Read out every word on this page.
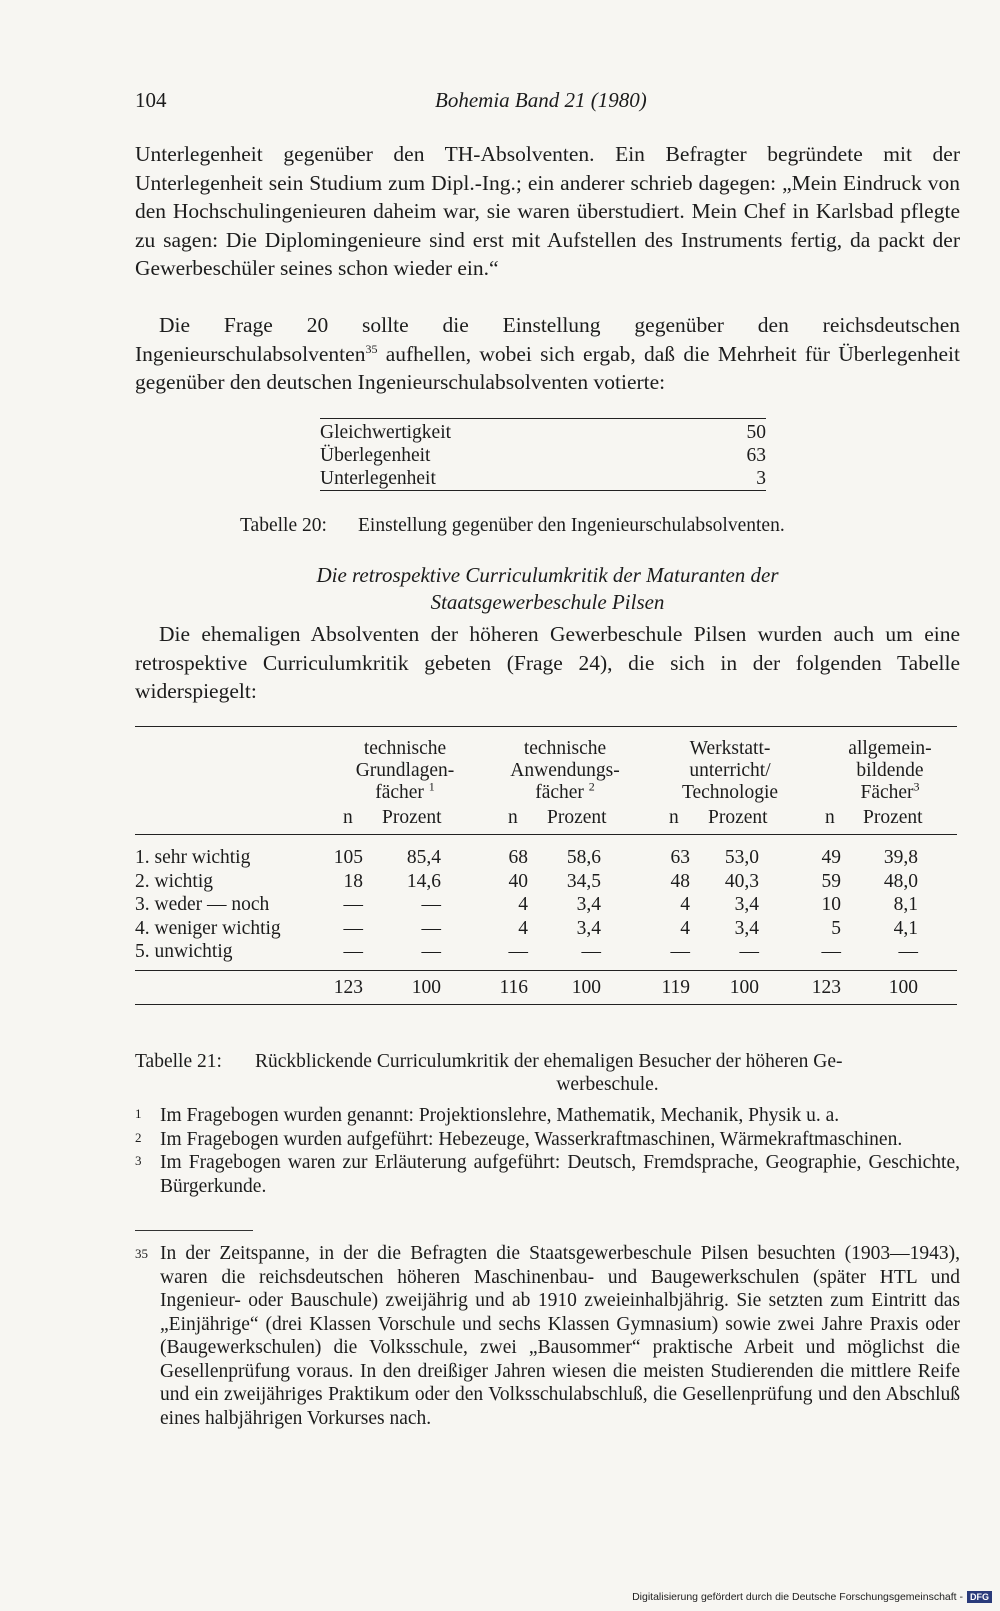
104	Bohemia Band 21 (1980)

Unterlegenheit gegenüber den TH-Absolventen. Ein Befragter begründete mit der Unterlegenheit sein Studium zum Dipl.-Ing.; ein anderer schrieb dagegen: „Mein Eindruck von den Hochschulingenieuren daheim war, sie waren überstudiert. Mein Chef in Karlsbad pflegte zu sagen: Die Diplomingenieure sind erst mit Aufstellen des Instruments fertig, da packt der Gewerbeschüler seines schon wieder ein.“

Die Frage 20 sollte die Einstellung gegenüber den reichsdeutschen Ingenieurschulabsolventen$^{35}$ aufhellen, wobei sich ergab, daß die Mehrheit für Überlegenheit gegenüber den deutschen Ingenieurschulabsolventen votierte:

Gleichwertigkeit	50
Überlegenheit	63
Unterlegenheit	3
Tabelle 20: Einstellung gegenüber den Ingenieurschulabsolventen.
Die retrospektive Curriculumkritik der Maturanten der
Staatsgewerbeschule Pilsen

Die ehemaligen Absolventen der höheren Gewerbeschule Pilsen wurden auch um eine retrospektive Curriculumkritik gebeten (Frage 24), die sich in der folgenden Tabelle widerspiegelt:

technische
Grundlagen-
fächer $^1$
technische
Anwendungs-
fächer $^2$
Werkstatt-
unterricht/
Technologie
allgemein-
bildende
Fächer$^3$
n Prozent	n Prozent	n Prozent	n Prozent
1. sehr wichtig	105	85,4	68	58,6	63	53,0	49	39,8
2. wichtig	18	14,6	40	34,5	48	40,3	59	48,0
3. weder — noch	—	—	4	3,4	4	3,4	10	8,1
4. weniger wichtig	—	—	4	3,4	4	3,4	5	4,1
5. unwichtig	—	—	—	—	—	—	—	—
123	100	116	100	119	100	123	100
Tabelle 21: Rückblickende Curriculumkritik der ehemaligen Besucher der höheren Ge-
werbeschule.
1 Im Fragebogen wurden genannt: Projektionslehre, Mathematik, Mechanik, Physik u. a.
2 Im Fragebogen wurden aufgeführt: Hebezeuge, Wasserkraftmaschinen, Wärmekraftmaschinen.
3 Im Fragebogen waren zur Erläuterung aufgeführt: Deutsch, Fremdsprache, Geographie, Geschichte, Bürgerkunde.
35 In der Zeitspanne, in der die Befragten die Staatsgewerbeschule Pilsen besuchten (1903—1943), waren die reichsdeutschen höheren Maschinenbau- und Baugewerkschulen (später HTL und Ingenieur- oder Bauschule) zweijährig und ab 1910 zweieinhalbjährig. Sie setzten zum Eintritt das „Einjährige“ (drei Klassen Vorschule und sechs Klassen Gymnasium) sowie zwei Jahre Praxis oder (Baugewerkschulen) die Volksschule, zwei „Bausommer“ praktische Arbeit und möglichst die Gesellenprüfung voraus. In den dreißiger Jahren wiesen die meisten Studierenden die mittlere Reife und ein zweijähriges Praktikum oder den Volksschulabschluß, die Gesellenprüfung und den Abschluß eines halbjährigen Vorkurses nach.
Digitalisierung gefördert durch die Deutsche Forschungsgemeinschaft - DFG
